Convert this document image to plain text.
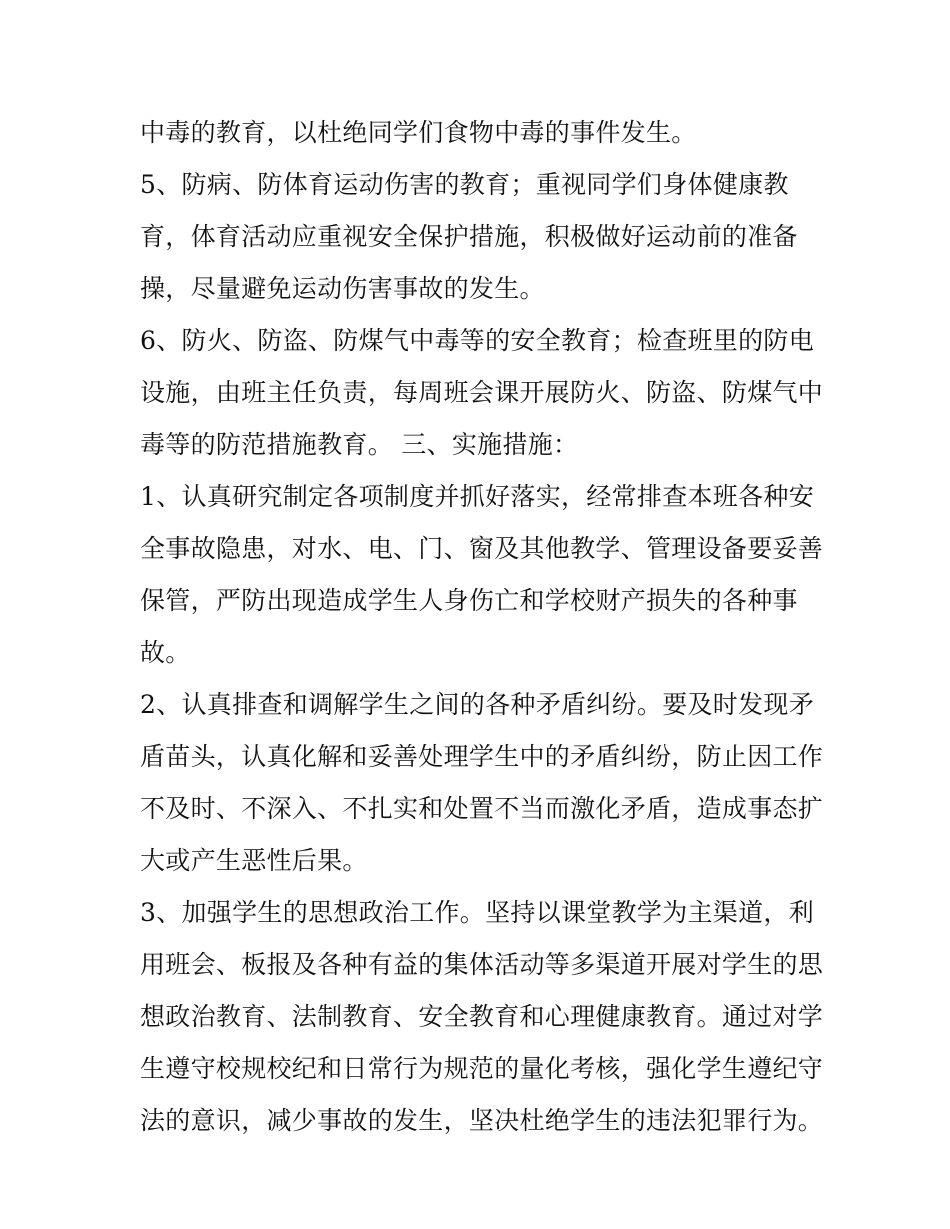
中毒的教育，以杜绝同学们食物中毒的事件发生。
5、防病、防体育运动伤害的教育；重视同学们身体健康教
育，体育活动应重视安全保护措施，积极做好运动前的准备
操，尽量避免运动伤害事故的发生。
6、防火、防盗、防煤气中毒等的安全教育；检查班里的防电
设施，由班主任负责，每周班会课开展防火、防盗、防煤气中
毒等的防范措施教育。 三、实施措施：
1、认真研究制定各项制度并抓好落实，经常排查本班各种安
全事故隐患，对水、电、门、窗及其他教学、管理设备要妥善
保管，严防出现造成学生人身伤亡和学校财产损失的各种事
故。
2、认真排查和调解学生之间的各种矛盾纠纷。要及时发现矛
盾苗头，认真化解和妥善处理学生中的矛盾纠纷，防止因工作
不及时、不深入、不扎实和处置不当而激化矛盾，造成事态扩
大或产生恶性后果。
3、加强学生的思想政治工作。坚持以课堂教学为主渠道，利
用班会、板报及各种有益的集体活动等多渠道开展对学生的思
想政治教育、法制教育、安全教育和心理健康教育。通过对学
生遵守校规校纪和日常行为规范的量化考核，强化学生遵纪守
法的意识，减少事故的发生，坚决杜绝学生的违法犯罪行为。
